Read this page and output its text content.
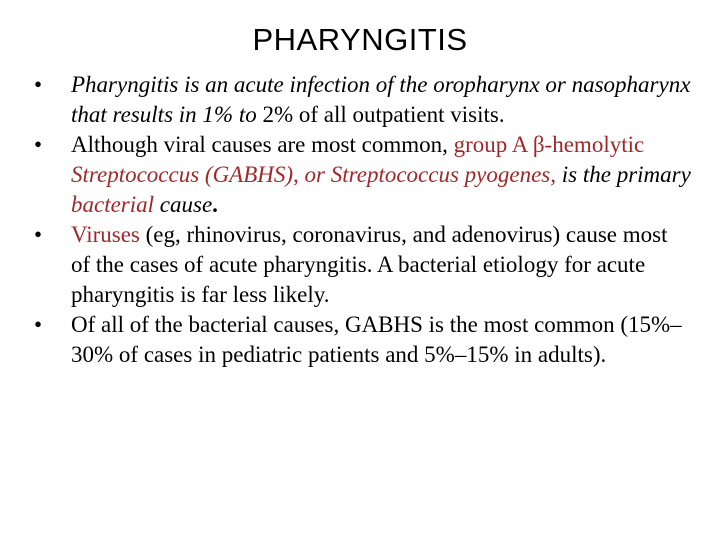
PHARYNGITIS
• Pharyngitis is an acute infection of the oropharynx or nasopharynx that results in 1% to 2% of all outpatient visits.
• Although viral causes are most common, group A β-hemolytic Streptococcus (GABHS), or Streptococcus pyogenes, is the primary bacterial cause.
• Viruses (eg, rhinovirus, coronavirus, and adenovirus) cause most of the cases of acute pharyngitis. A bacterial etiology for acute pharyngitis is far less likely.
• Of all of the bacterial causes, GABHS is the most common (15%–30% of cases in pediatric patients and 5%–15% in adults).
